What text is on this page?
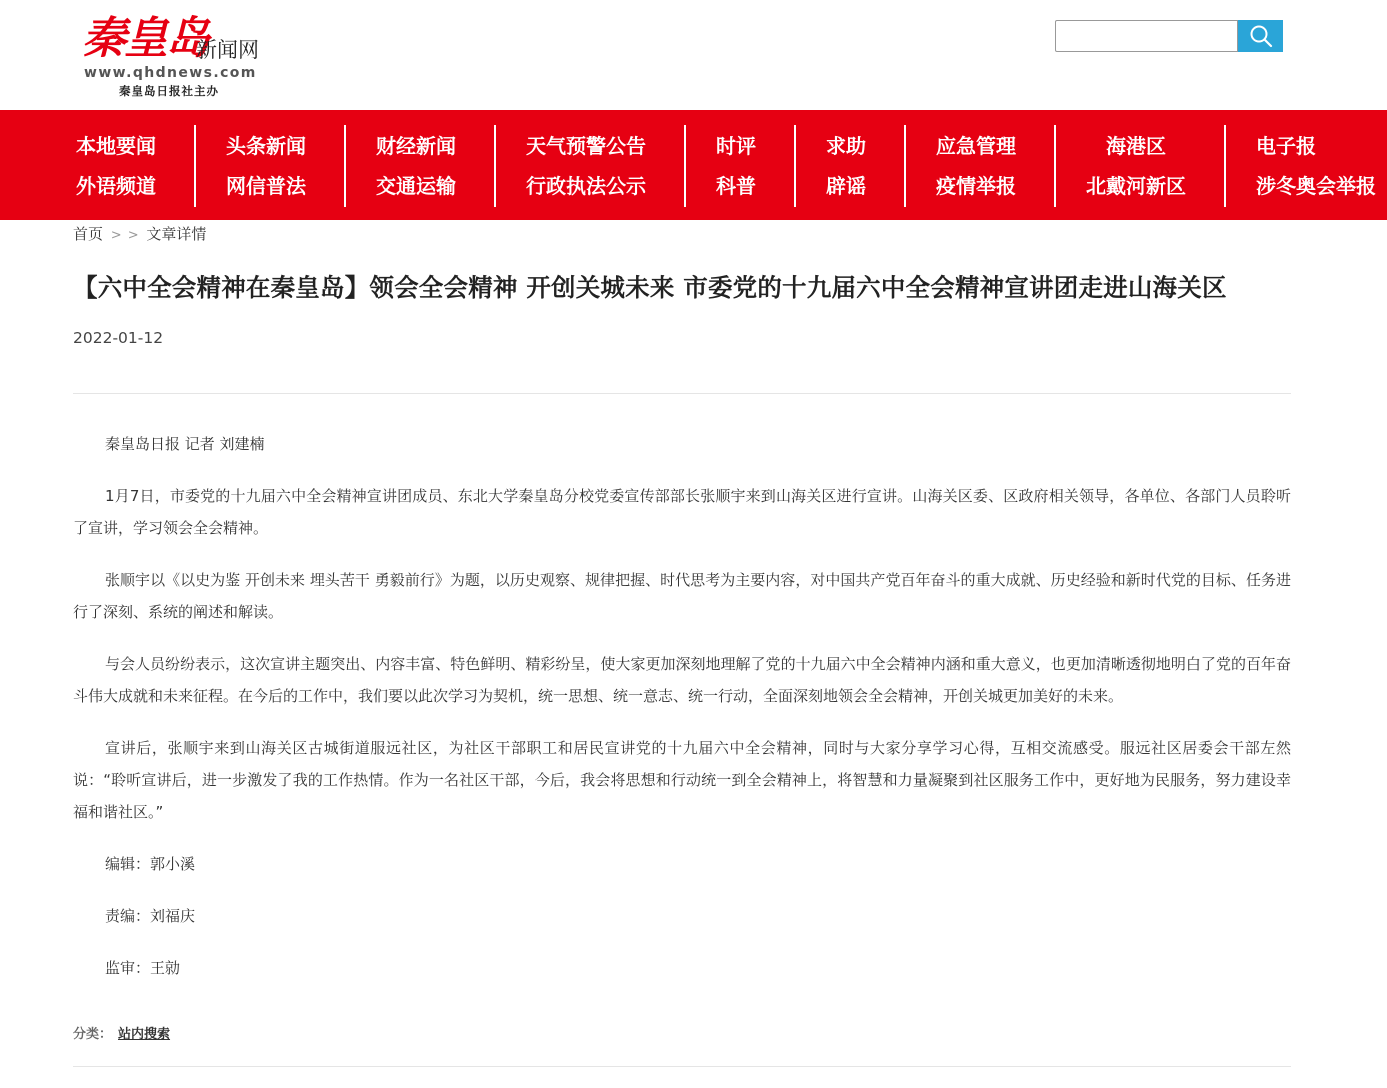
秦皇岛
新闻网
www.qhdnews.com
秦皇岛日报社主办
本地要闻
外语频道
头条新闻
网信普法
财经新闻
交通运输
天气预警公告
行政执法公示
时评
科普
求助
辟谣
应急管理
疫情举报
海港区
北戴河新区
电子报
涉冬奥会举报
首页 > > 文章详情
【六中全会精神在秦皇岛】领会全会精神 开创关城未来 市委党的十九届六中全会精神宣讲团走进山海关区
2022-01-12

秦皇岛日报 记者 刘建楠

1月7日，市委党的十九届六中全会精神宣讲团成员、东北大学秦皇岛分校党委宣传部部长张顺宇来到山海关区进行宣讲。山海关区委、区政府相关领导，各单位、各部门人员聆听了宣讲，学习领会全会精神。

张顺宇以《以史为鉴 开创未来 埋头苦干 勇毅前行》为题，以历史观察、规律把握、时代思考为主要内容，对中国共产党百年奋斗的重大成就、历史经验和新时代党的目标、任务进行了深刻、系统的阐述和解读。

与会人员纷纷表示，这次宣讲主题突出、内容丰富、特色鲜明、精彩纷呈，使大家更加深刻地理解了党的十九届六中全会精神内涵和重大意义，也更加清晰透彻地明白了党的百年奋斗伟大成就和未来征程。在今后的工作中，我们要以此次学习为契机，统一思想、统一意志、统一行动，全面深刻地领会全会精神，开创关城更加美好的未来。

宣讲后，张顺宇来到山海关区古城街道服远社区，为社区干部职工和居民宣讲党的十九届六中全会精神，同时与大家分享学习心得，互相交流感受。服远社区居委会干部左然说：“聆听宣讲后，进一步激发了我的工作热情。作为一名社区干部，今后，我会将思想和行动统一到全会精神上，将智慧和力量凝聚到社区服务工作中，更好地为民服务，努力建设幸福和谐社区。”

编辑：郭小溪

责编：刘福庆

监审：王勍

分类： 站内搜索
